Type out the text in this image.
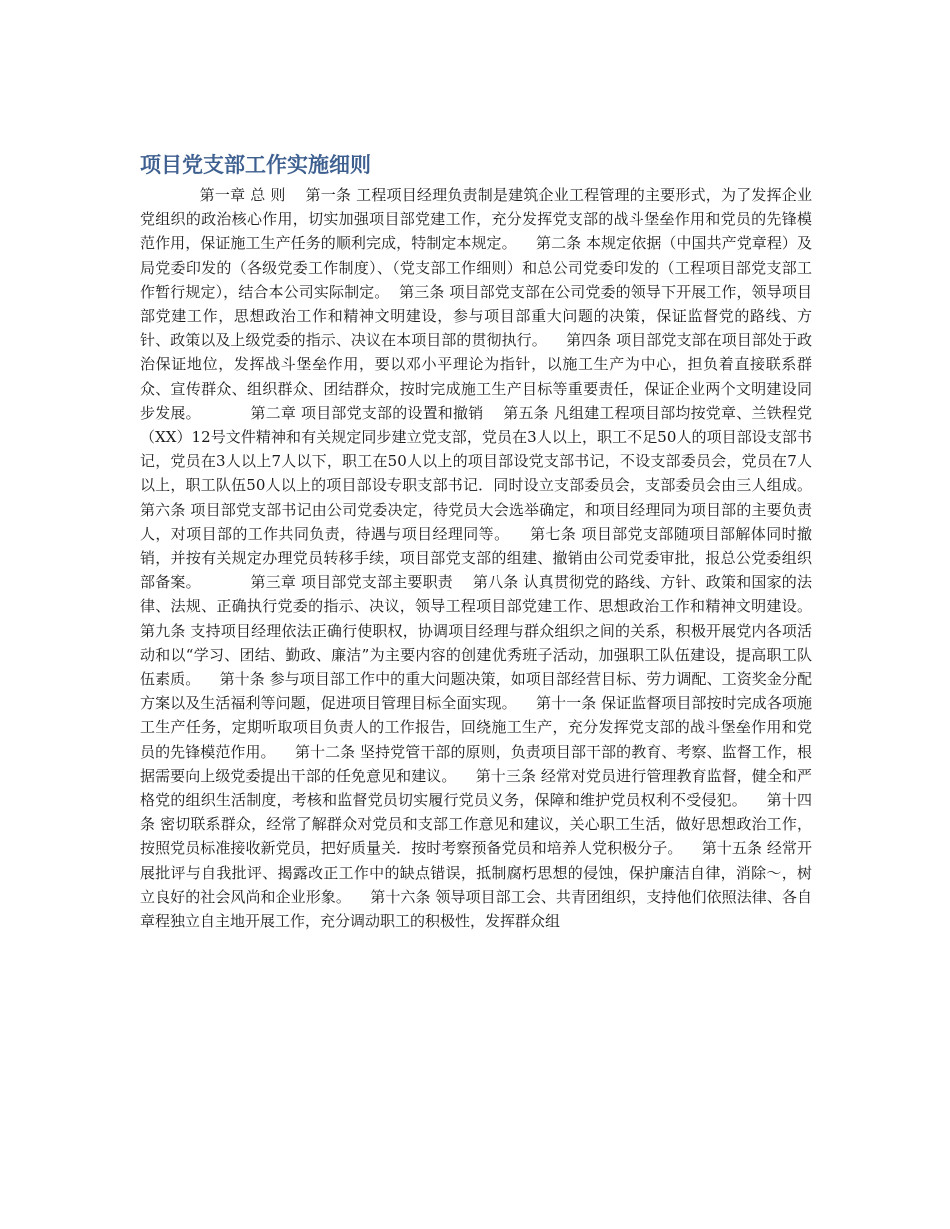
项目党支部工作实施细则

第一章 总 则    第一条 工程项目经理负责制是建筑企业工程管理的主要形式，为了发挥企业党组织的政治核心作用，切实加强项目部党建工作，充分发挥党支部的战斗堡垒作用和党员的先锋模范作用，保证施工生产任务的顺利完成，特制定本规定。    第二条 本规定依据（中国共产党章程）及局党委印发的（各级党委工作制度）、（党支部工作细则）和总公司党委印发的（工程项目部党支部工作暂行规定），结合本公司实际制定。  第三条 项目部党支部在公司党委的领导下开展工作，领导项目部党建工作，思想政治工作和精神文明建设，参与项目部重大问题的决策，保证监督党的路线、方针、政策以及上级党委的指示、决议在本项目部的贯彻执行。    第四条 项目部党支部在项目部处于政治保证地位，发挥战斗堡垒作用，要以邓小平理论为指针，以施工生产为中心，担负着直接联系群众、宣传群众、组织群众、团结群众，按时完成施工生产目标等重要责任，保证企业两个文明建设同步发展。          第二章 项目部党支部的设置和撤销    第五条 凡组建工程项目部均按党章、兰铁程党（XX）12号文件精神和有关规定同步建立党支部，党员在3人以上，职工不足50人的项目部设支部书记，党员在3人以上7人以下，职工在50人以上的项目部设党支部书记，不设支部委员会，党员在7人以上，职工队伍50人以上的项目部设专职支部书记．同时设立支部委员会，支部委员会由三人组成。    第六条 项目部党支部书记由公司党委决定，待党员大会选举确定，和项目经理同为项目部的主要负责人，对项目部的工作共同负责，待遇与项目经理同等。    第七条 项目部党支部随项目部解体同时撤销，并按有关规定办理党员转移手续，项目部党支部的组建、撤销由公司党委审批，报总公党委组织部备案。          第三章 项目部党支部主要职责    第八条 认真贯彻党的路线、方针、政策和国家的法律、法规、正确执行党委的指示、决议，领导工程项目部党建工作、思想政治工作和精神文明建设。    第九条 支持项目经理依法正确行使职权，协调项目经理与群众组织之间的关系，积极开展党内各项活动和以“学习、团结、勤政、廉洁”为主要内容的创建优秀班子活动，加强职工队伍建设，提高职工队伍素质。    第十条 参与项目部工作中的重大问题决策，如项目部经营目标、劳力调配、工资奖金分配方案以及生活福利等问题，促进项目管理目标全面实现。    第十一条 保证监督项目部按时完成各项施工生产任务，定期听取项目负责人的工作报告，回绕施工生产，充分发挥党支部的战斗堡垒作用和党员的先锋模范作用。    第十二条 坚持党管干部的原则，负责项目部干部的教育、考察、监督工作，根据需要向上级党委提出干部的任免意见和建议。    第十三条 经常对党员进行管理教育监督，健全和严格党的组织生活制度，考核和监督党员切实履行党员义务，保障和维护党员权利不受侵犯。    第十四条 密切联系群众，经常了解群众对党员和支部工作意见和建议，关心职工生活，做好思想政治工作，按照党员标准接收新党员，把好质量关．按时考察预备党员和培养人党积极分子。    第十五条 经常开展批评与自我批评、揭露改正工作中的缺点错误，抵制腐朽思想的侵蚀，保护廉洁自律，消除～，树立良好的社会风尚和企业形象。    第十六条 领导项目部工会、共青团组织，支持他们依照法律、各自章程独立自主地开展工作，充分调动职工的积极性，发挥群众组
